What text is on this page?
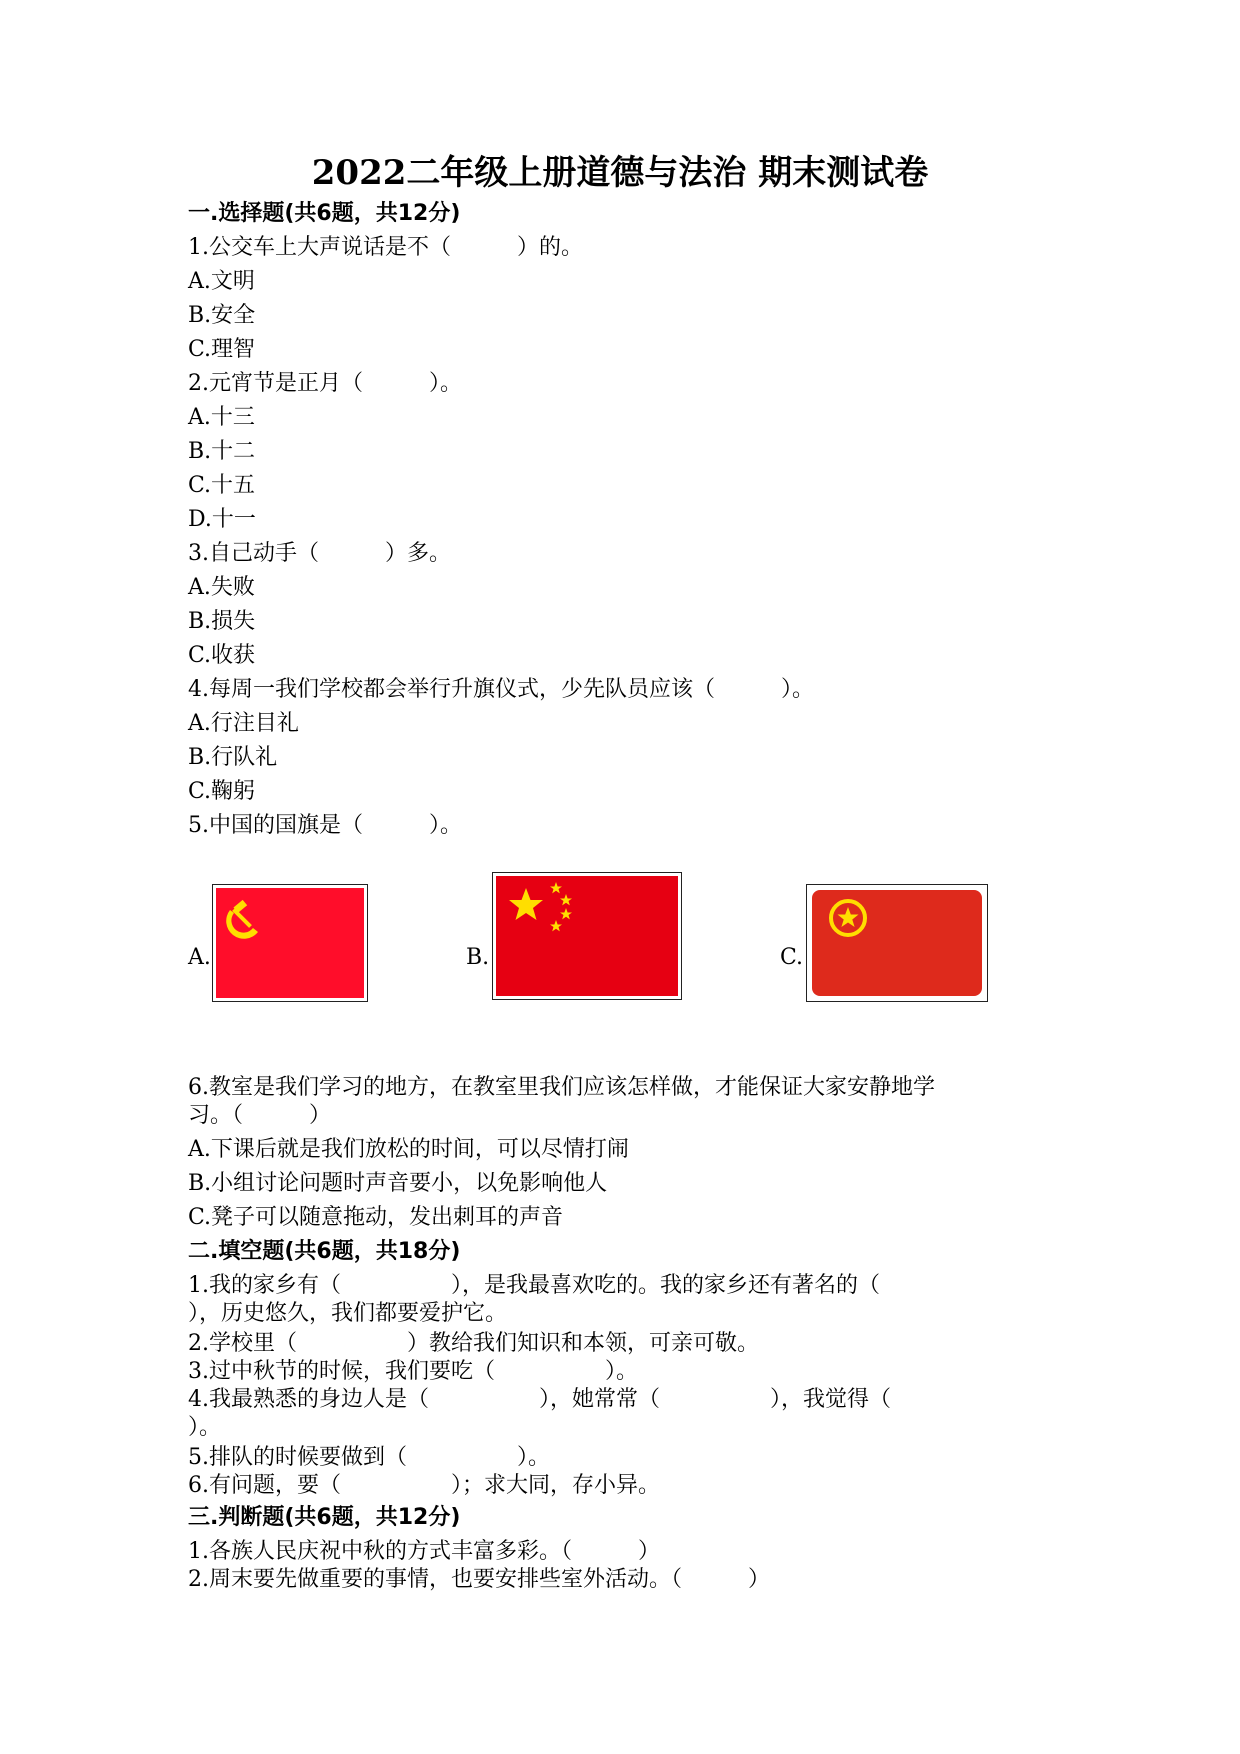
2022二年级上册道德与法治 期末测试卷
一.选择题(共6题，共12分)
1.公交车上大声说话是不（　　　）的。
A.文明
B.安全
C.理智
2.元宵节是正月（　　　）。
A.十三
B.十二
C.十五
D.十一
3.自己动手（　　　）多。
A.失败
B.损失
C.收获
4.每周一我们学校都会举行升旗仪式，少先队员应该（　　　）。
A.行注目礼
B.行队礼
C.鞠躬
5.中国的国旗是（　　　）。
A.	B.	C.
6.教室是我们学习的地方，在教室里我们应该怎样做，才能保证大家安静地学
习。（　　　）
A.下课后就是我们放松的时间，可以尽情打闹
B.小组讨论问题时声音要小，以免影响他人
C.凳子可以随意拖动，发出刺耳的声音
二.填空题(共6题，共18分)
1.我的家乡有（　　　　　），是我最喜欢吃的。我的家乡还有著名的（
），历史悠久，我们都要爱护它。
2.学校里（　　　　　）教给我们知识和本领，可亲可敬。
3.过中秋节的时候，我们要吃（　　　　　）。
4.我最熟悉的身边人是（　　　　　），她常常（　　　　　），我觉得（
）。
5.排队的时候要做到（　　　　　）。
6.有问题，要（　　　　　）；求大同，存小异。
三.判断题(共6题，共12分)
1.各族人民庆祝中秋的方式丰富多彩。（　　　）
2.周末要先做重要的事情，也要安排些室外活动。（　　　）
